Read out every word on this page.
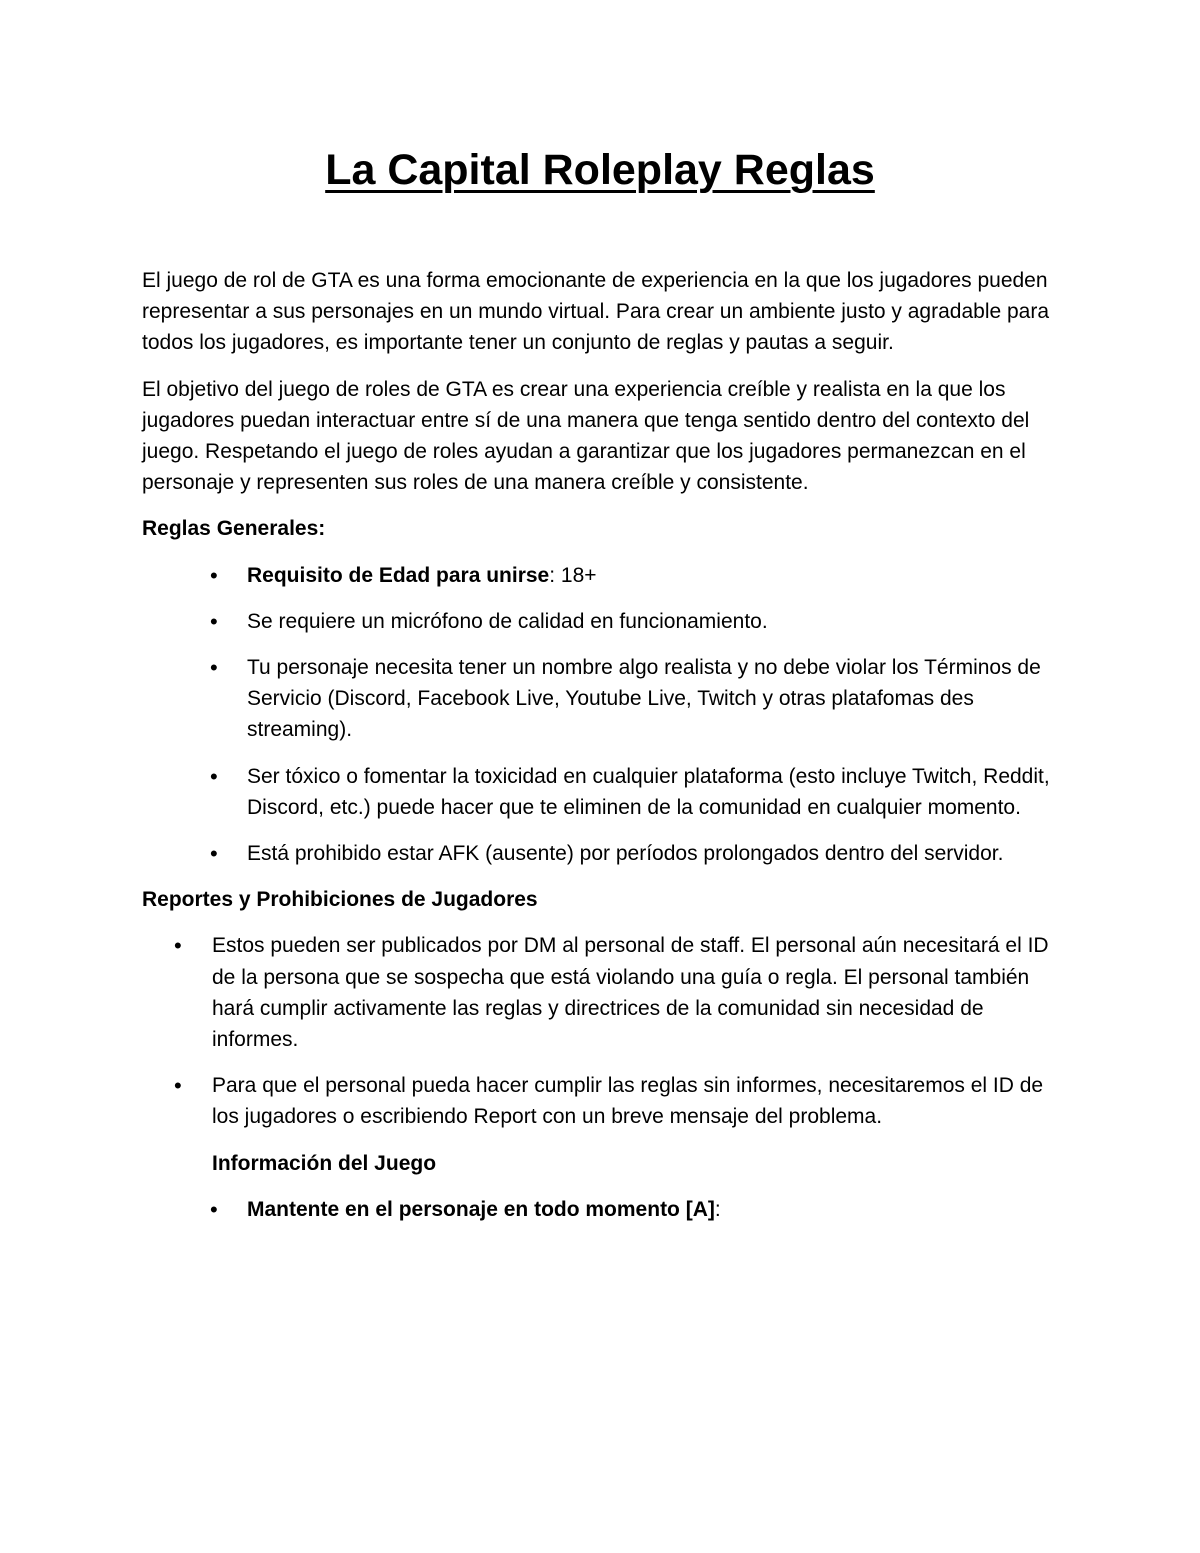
La Capital Roleplay Reglas

El juego de rol de GTA es una forma emocionante de experiencia en la que los jugadores pueden representar a sus personajes en un mundo virtual. Para crear un ambiente justo y agradable para todos los jugadores, es importante tener un conjunto de reglas y pautas a seguir.

El objetivo del juego de roles de GTA es crear una experiencia creíble y realista en la que los jugadores puedan interactuar entre sí de una manera que tenga sentido dentro del contexto del juego. Respetando el juego de roles ayudan a garantizar que los jugadores permanezcan en el personaje y representen sus roles de una manera creíble y consistente.

Reglas Generales:
• Requisito de Edad para unirse: 18+
• Se requiere un micrófono de calidad en funcionamiento.
• Tu personaje necesita tener un nombre algo realista y no debe violar los Términos de Servicio (Discord, Facebook Live, Youtube Live, Twitch y otras platafomas des streaming).
• Ser tóxico o fomentar la toxicidad en cualquier plataforma (esto incluye Twitch, Reddit, Discord, etc.) puede hacer que te eliminen de la comunidad en cualquier momento.
• Está prohibido estar AFK (ausente) por períodos prolongados dentro del servidor.
Reportes y Prohibiciones de Jugadores
• Estos pueden ser publicados por DM al personal de staff. El personal aún necesitará el ID de la persona que se sospecha que está violando una guía o regla. El personal también hará cumplir activamente las reglas y directrices de la comunidad sin necesidad de informes.
• Para que el personal pueda hacer cumplir las reglas sin informes, necesitaremos el ID de los jugadores o escribiendo Report con un breve mensaje del problema.
Información del Juego
• Mantente en el personaje en todo momento [A]:
